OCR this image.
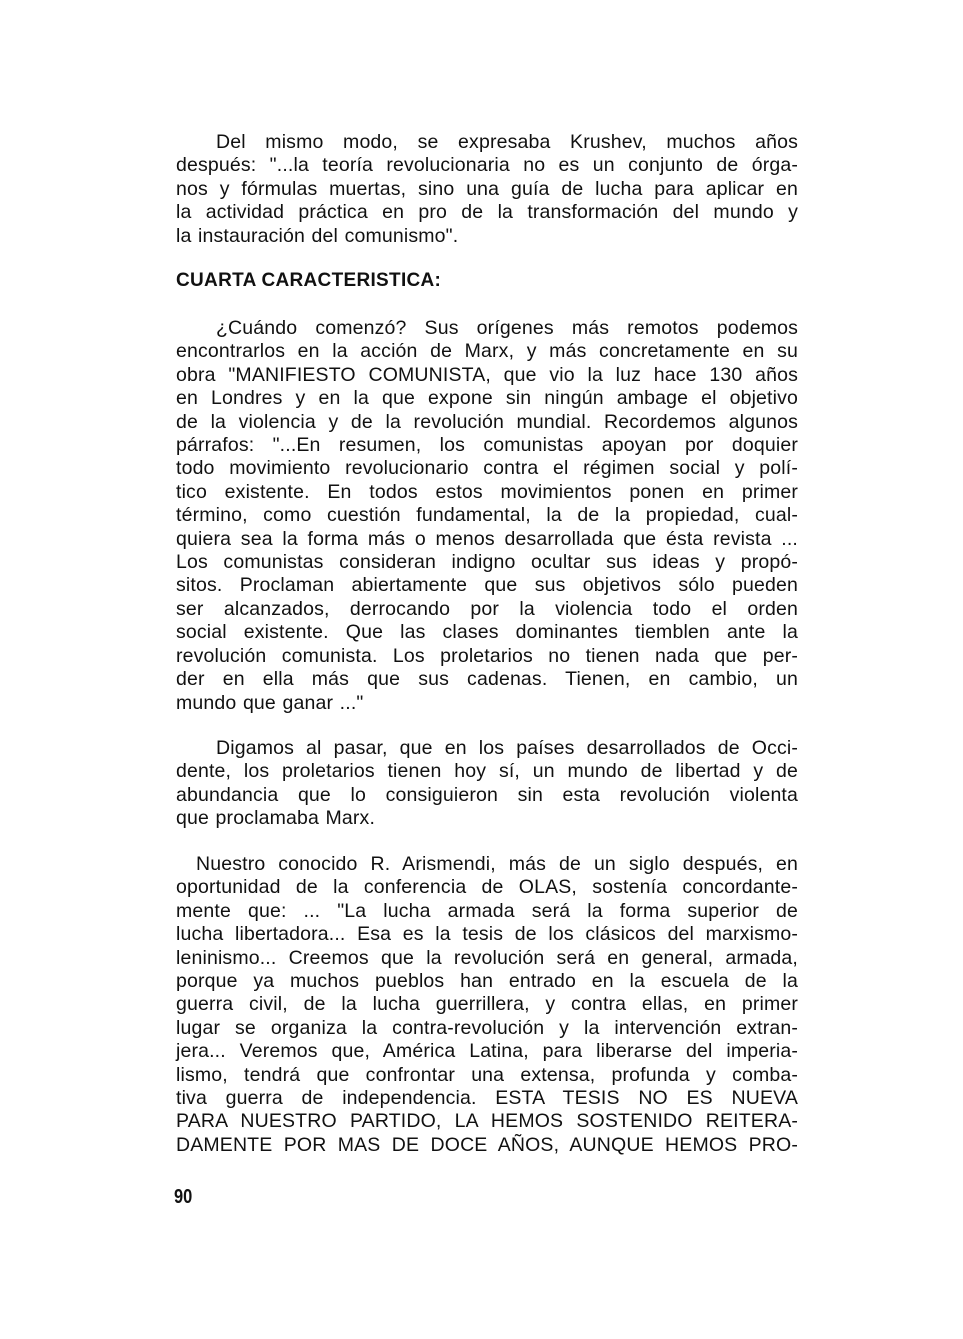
Del mismo modo, se expresaba Krushev, muchos años
después: "...la teoría revolucionaria no es un conjunto de órga-
nos y fórmulas muertas, sino una guía de lucha para aplicar en
la actividad práctica en pro de la transformación del mundo y
la instauración del comunismo".
CUARTA CARACTERISTICA:
¿Cuándo comenzó? Sus orígenes más remotos podemos
encontrarlos en la acción de Marx, y más concretamente en su
obra "MANIFIESTO COMUNISTA, que vio la luz hace 130 años
en Londres y en la que expone sin ningún ambage el objetivo
de la violencia y de la revolución mundial. Recordemos algunos
párrafos: "...En resumen, los comunistas apoyan por doquier
todo movimiento revolucionario contra el régimen social y polí-
tico existente. En todos estos movimientos ponen en primer
término, como cuestión fundamental, la de la propiedad, cual-
quiera sea la forma más o menos desarrollada que ésta revista ...
Los comunistas consideran indigno ocultar sus ideas y propó-
sitos. Proclaman abiertamente que sus objetivos sólo pueden
ser alcanzados, derrocando por la violencia todo el orden
social existente. Que las clases dominantes tiemblen ante la
revolución comunista. Los proletarios no tienen nada que per-
der en ella más que sus cadenas. Tienen, en cambio, un
mundo que ganar ..."
Digamos al pasar, que en los países desarrollados de Occi-
dente, los proletarios tienen hoy sí, un mundo de libertad y de
abundancia que lo consiguieron sin esta revolución violenta
que proclamaba Marx.
Nuestro conocido R. Arismendi, más de un siglo después, en
oportunidad de la conferencia de OLAS, sostenía concordante-
mente que: ... "La lucha armada será la forma superior de
lucha libertadora... Esa es la tesis de los clásicos del marxismo-
leninismo... Creemos que la revolución será en general, armada,
porque ya muchos pueblos han entrado en la escuela de la
guerra civil, de la lucha guerrillera, y contra ellas, en primer
lugar se organiza la contra-revolución y la intervención extran-
jera... Veremos que, América Latina, para liberarse del imperia-
lismo, tendrá que confrontar una extensa, profunda y comba-
tiva guerra de independencia. ESTA TESIS NO ES NUEVA
PARA NUESTRO PARTIDO, LA HEMOS SOSTENIDO REITERA-
DAMENTE POR MAS DE DOCE AÑOS, AUNQUE HEMOS PRO-
90
